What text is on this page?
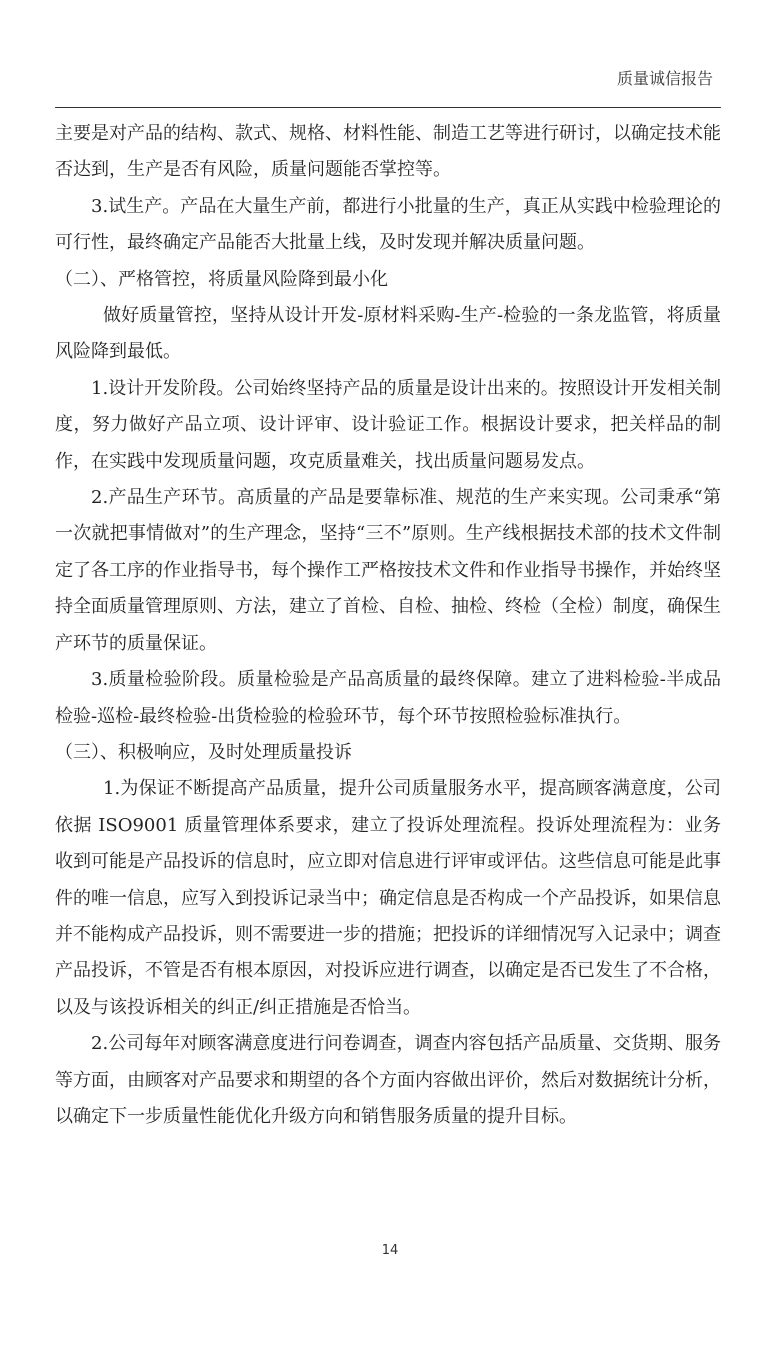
质量诚信报告

主要是对产品的结构、款式、规格、材料性能、制造工艺等进行研讨，以确定技术能否达到，生产是否有风险，质量问题能否掌控等。

3.试生产。产品在大量生产前，都进行小批量的生产，真正从实践中检验理论的可行性，最终确定产品能否大批量上线，及时发现并解决质量问题。

（二）、严格管控，将质量风险降到最小化

做好质量管控，坚持从设计开发-原材料采购-生产-检验的一条龙监管，将质量风险降到最低。

1.设计开发阶段。公司始终坚持产品的质量是设计出来的。按照设计开发相关制度，努力做好产品立项、设计评审、设计验证工作。根据设计要求，把关样品的制作，在实践中发现质量问题，攻克质量难关，找出质量问题易发点。

2.产品生产环节。高质量的产品是要靠标准、规范的生产来实现。公司秉承“第一次就把事情做对”的生产理念，坚持“三不”原则。生产线根据技术部的技术文件制定了各工序的作业指导书，每个操作工严格按技术文件和作业指导书操作，并始终坚持全面质量管理原则、方法，建立了首检、自检、抽检、终检（全检）制度，确保生产环节的质量保证。

3.质量检验阶段。质量检验是产品高质量的最终保障。建立了进料检验-半成品检验-巡检-最终检验-出货检验的检验环节，每个环节按照检验标准执行。

（三）、积极响应，及时处理质量投诉

1.为保证不断提高产品质量，提升公司质量服务水平，提高顾客满意度，公司依据 ISO9001 质量管理体系要求，建立了投诉处理流程。投诉处理流程为：业务收到可能是产品投诉的信息时，应立即对信息进行评审或评估。这些信息可能是此事件的唯一信息，应写入到投诉记录当中；确定信息是否构成一个产品投诉，如果信息并不能构成产品投诉，则不需要进一步的措施；把投诉的详细情况写入记录中；调查产品投诉，不管是否有根本原因，对投诉应进行调查，以确定是否已发生了不合格，以及与该投诉相关的纠正/纠正措施是否恰当。

2.公司每年对顾客满意度进行问卷调查，调查内容包括产品质量、交货期、服务等方面，由顾客对产品要求和期望的各个方面内容做出评价，然后对数据统计分析，以确定下一步质量性能优化升级方向和销售服务质量的提升目标。

14
